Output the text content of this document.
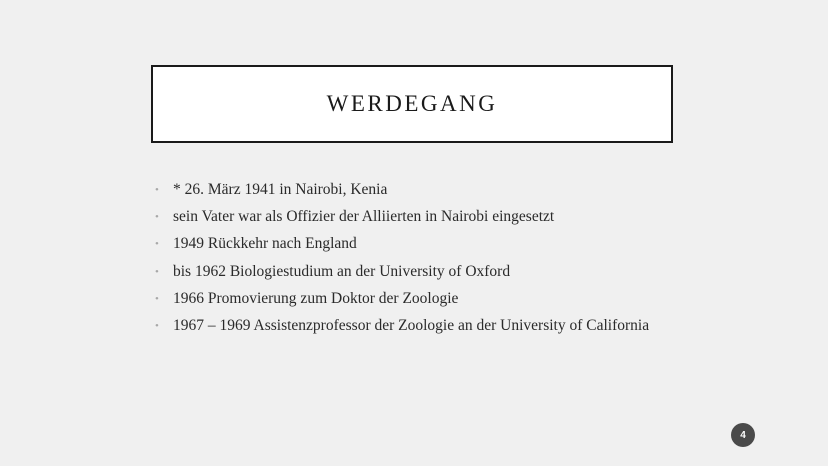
WERDEGANG
• * 26. März 1941 in Nairobi, Kenia
• sein Vater war als Offizier der Alliierten in Nairobi eingesetzt
• 1949 Rückkehr nach England
• bis 1962 Biologiestudium an der University of Oxford
• 1966 Promovierung zum Doktor der Zoologie
• 1967 – 1969 Assistenzprofessor der Zoologie an der University of California
4
